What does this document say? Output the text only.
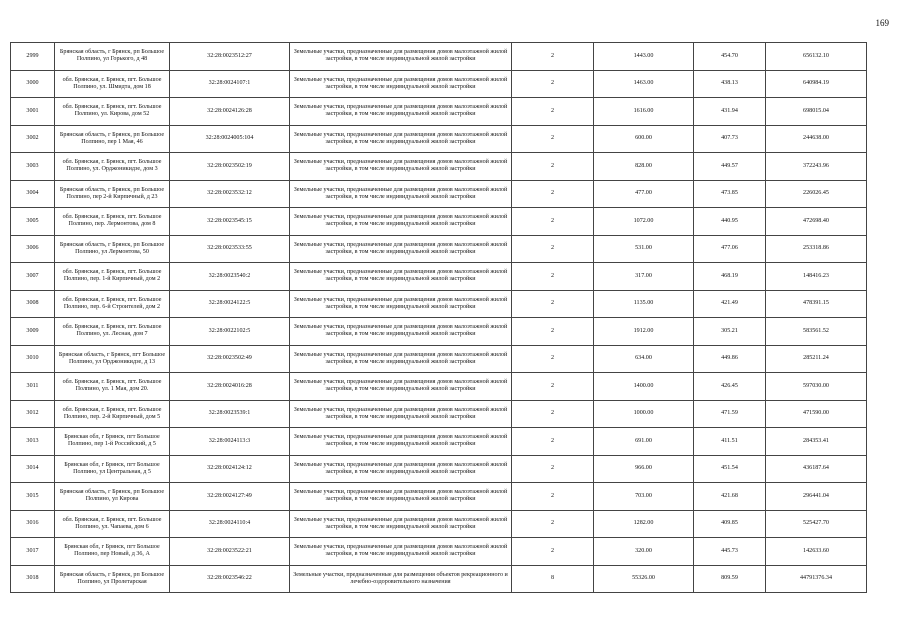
169
2999	Брянская область, г Брянск, рп Большое Полпино, ул Горького, д 48	32:28:0023512:27	Земельные участки, предназначенные для размещения домов малоэтажной жилой застройки, в том числе индивидуальной жилой застройки	2	1443.00	454.70	656132.10
3000	обл. Брянская, г. Брянск, пгт. Большое Полпино, ул. Шмидта, дом 18	32:28:0024107:1	Земельные участки, предназначенные для размещения домов малоэтажной жилой застройки, в том числе индивидуальной жилой застройки	2	1463.00	438.13	640984.19
3001	обл. Брянская, г. Брянск, пгт. Большое Полпино, ул. Кирова, дом 52	32:28:0024126:28	Земельные участки, предназначенные для размещения домов малоэтажной жилой застройки, в том числе индивидуальной жилой застройки	2	1616.00	431.94	698015.04
3002	Брянская область, г Брянск, рп Большое Полпино, пер 1 Мая, 46	32:28:0024005:104	Земельные участки, предназначенные для размещения домов малоэтажной жилой застройки, в том числе индивидуальной жилой застройки	2	600.00	407.73	244638.00
3003	обл. Брянская, г. Брянск, пгт. Большое Полпино, ул. Орджоникидзе, дом 3	32:28:0023502:19	Земельные участки, предназначенные для размещения домов малоэтажной жилой застройки, в том числе индивидуальной жилой застройки	2	828.00	449.57	372243.96
3004	Брянская область, г Брянск, рп Большое Полпино, пер 2-й Кирпичный, д 23	32:28:0023532:12	Земельные участки, предназначенные для размещения домов малоэтажной жилой застройки, в том числе индивидуальной жилой застройки	2	477.00	473.85	226026.45
3005	обл. Брянская, г. Брянск, пгт. Большое Полпино, пер. Лермонтова, дом 8	32:28:0023545:15	Земельные участки, предназначенные для размещения домов малоэтажной жилой застройки, в том числе индивидуальной жилой застройки	2	1072.00	440.95	472698.40
3006	Брянская область, г Брянск, рп Большое Полпино, ул Лермонтова, 50	32:28:0023533:55	Земельные участки, предназначенные для размещения домов малоэтажной жилой застройки, в том числе индивидуальной жилой застройки	2	531.00	477.06	253318.86
3007	обл. Брянская, г. Брянск, пгт. Большое Полпино, пер. 1-й Кирпичный, дом 2	32:28:0023540:2	Земельные участки, предназначенные для размещения домов малоэтажной жилой застройки, в том числе индивидуальной жилой застройки	2	317.00	468.19	148416.23
3008	обл. Брянская, г. Брянск, пгт. Большое Полпино, пер. 6-й Строителей, дом 2	32:28:0024122:5	Земельные участки, предназначенные для размещения домов малоэтажной жилой застройки, в том числе индивидуальной жилой застройки	2	1135.00	421.49	478391.15
3009	обл. Брянская, г. Брянск, пгт. Большое Полпино, ул. Лесная, дом 7	32:28:0022102:5	Земельные участки, предназначенные для размещения домов малоэтажной жилой застройки, в том числе индивидуальной жилой застройки	2	1912.00	305.21	583561.52
3010	Брянская область, г Брянск, пгт Большое Полпино, ул Орджоникидзе, д 13	32:28:0023502:49	Земельные участки, предназначенные для размещения домов малоэтажной жилой застройки, в том числе индивидуальной жилой застройки	2	634.00	449.86	285211.24
3011	обл. Брянская, г. Брянск, пгт. Большое Полпино, ул. 1 Мая, дом 20.	32:28:0024016:28	Земельные участки, предназначенные для размещения домов малоэтажной жилой застройки, в том числе индивидуальной жилой застройки	2	1400.00	426.45	597030.00
3012	обл. Брянская, г. Брянск, пгт. Большое Полпино, пер. 2-й Кирпичный, дом 5	32:28:0023539:1	Земельные участки, предназначенные для размещения домов малоэтажной жилой застройки, в том числе индивидуальной жилой застройки	2	1000.00	471.59	471590.00
3013	Брянская обл, г Брянск, пгт Большое Полпино, пер 1-й Российский, д 5	32:28:0024113:3	Земельные участки, предназначенные для размещения домов малоэтажной жилой застройки, в том числе индивидуальной жилой застройки	2	691.00	411.51	284353.41
3014	Брянская обл, г Брянск, пгт Большое Полпино, ул Центральная, д 5	32:28:0024124:12	Земельные участки, предназначенные для размещения домов малоэтажной жилой застройки, в том числе индивидуальной жилой застройки	2	966.00	451.54	436187.64
3015	Брянская область, г Брянск, рп Большое Полпино, ул Кирова	32:28:0024127:49	Земельные участки, предназначенные для размещения домов малоэтажной жилой застройки, в том числе индивидуальной жилой застройки	2	703.00	421.68	296441.04
3016	обл. Брянская, г. Брянск, пгт. Большое Полпино, ул. Чапаева, дом 6	32:28:0024110:4	Земельные участки, предназначенные для размещения домов малоэтажной жилой застройки, в том числе индивидуальной жилой застройки	2	1282.00	409.85	525427.70
3017	Брянская обл, г Брянск, пгт Большое Полпино, пер Новый, д 36, А	32:28:0023522:21	Земельные участки, предназначенные для размещения домов малоэтажной жилой застройки, в том числе индивидуальной жилой застройки	2	320.00	445.73	142633.60
3018	Брянская область, г Брянск, рп Большое Полпино, ул Пролетарская	32:28:0023546:22	Земельные участки, предназначенные для размещения объектов рекреационного и лечебно-оздоровительного назначения	8	55326.00	809.59	44791376.34
